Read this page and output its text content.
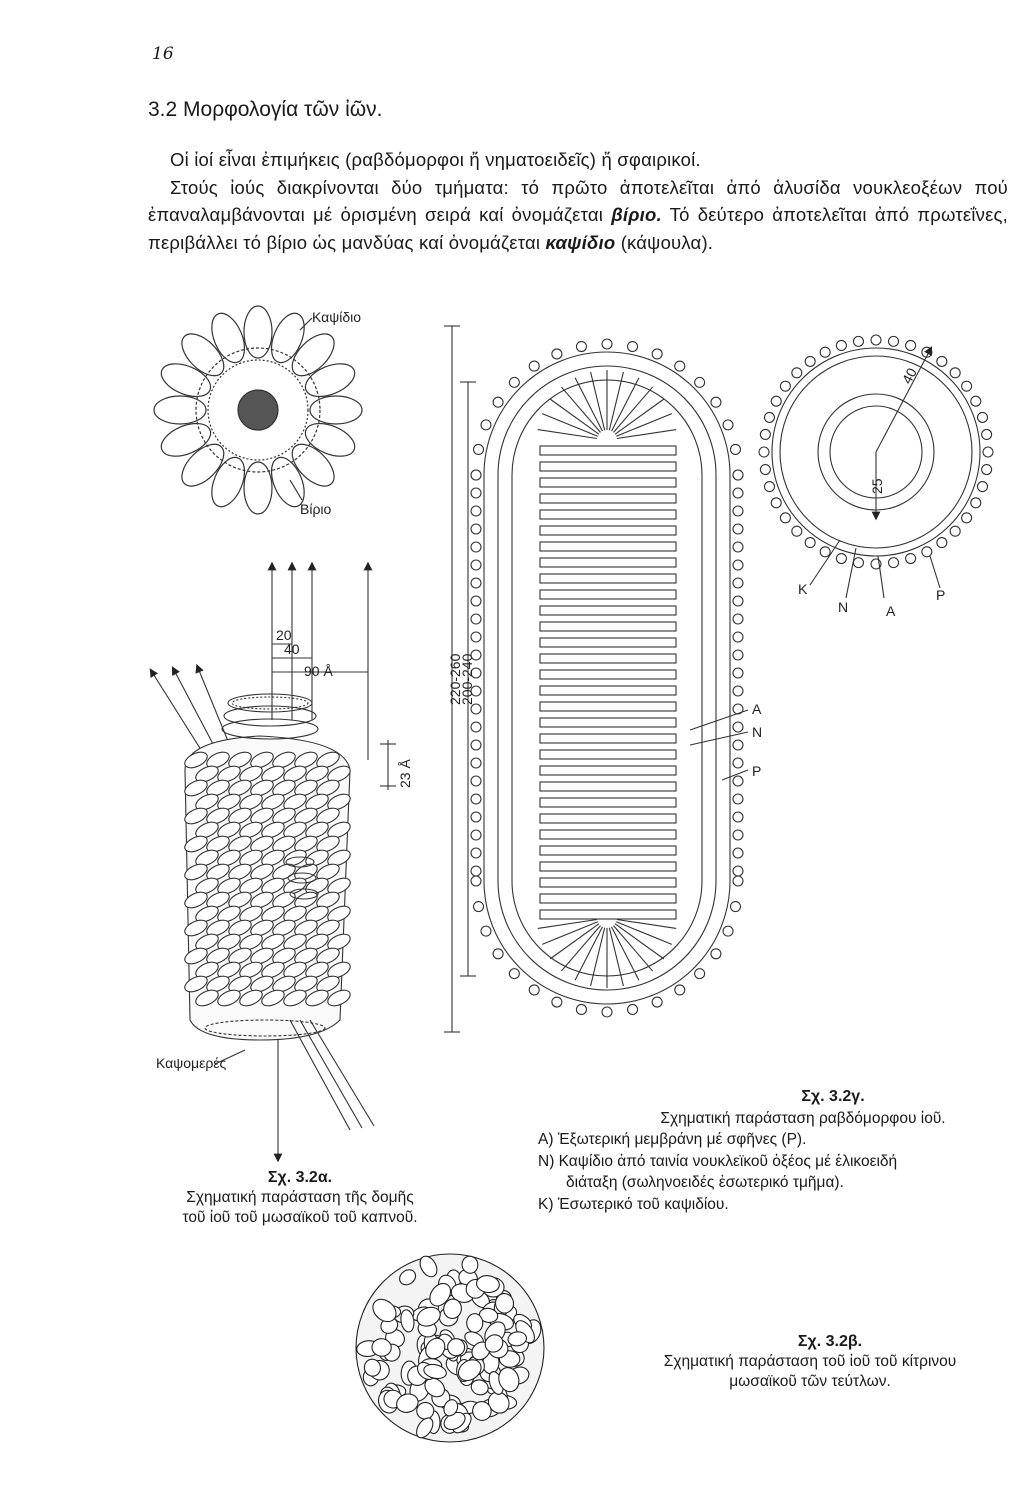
16
3.2 Μορφολογία τῶν ἰῶν.

Οἱ ἰοί εἶναι ἐπιμήκεις (ραβδόμορφοι ἤ νηματοειδεῖς) ἤ σφαιρικοί.

Στούς ἰούς διακρίνονται δύο τμήματα: τό πρῶτο ἀποτελεῖται ἀπό ἁλυσίδα νουκλεοξέων πού ἐπαναλαμβάνονται μέ ὁρισμένη σειρά καί ὀνομάζεται βίριο. Τό δεύτερο ἀποτελεῖται ἀπό πρωτεΐνες, περιβάλλει τό βίριο ὡς μανδύας καί ὀνομάζεται καψίδιο (κάψουλα).

Καψίδιο
Βίριο
20
40
90 Å
23 Å
Καψομερές
220-260
200-240
A
N
P
40
25
K
N	A
P
Σχ. 3.2α.
Σχηματική παράσταση τῆς δομῆς
τοῦ ἰοῦ τοῦ μωσαϊκοῦ τοῦ καπνοῦ.
Σχ. 3.2γ.
Σχηματική παράσταση ραβδόμορφου ἰοῦ.
A) Ἐξωτερική μεμβράνη μέ σφῆνες (P).
N) Καψίδιο ἀπό ταινία νουκλεϊκοῦ ὀξέος μέ ἑλικοειδή
διάταξη (σωληνοειδές ἐσωτερικό τμῆμα).
K) Ἐσωτερικό τοῦ καψιδίου.
Σχ. 3.2β.
Σχηματική παράσταση τοῦ ἰοῦ τοῦ κίτρινου
μωσαϊκοῦ τῶν τεύτλων.
